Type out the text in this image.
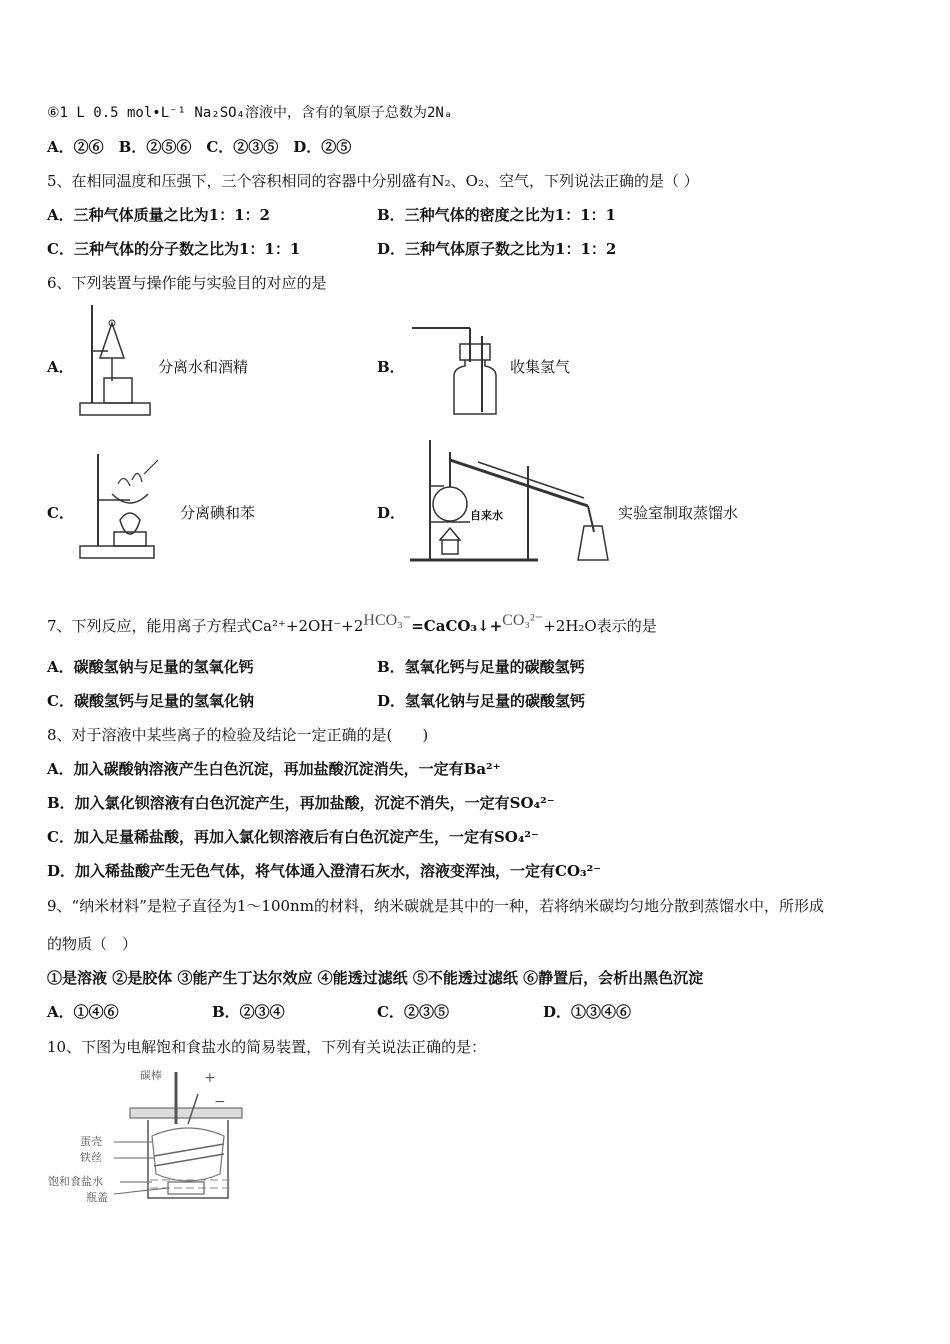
⑥1 L 0.5 mol•L⁻¹ Na₂SO₄溶液中，含有的氧原子总数为2Nₐ
A．②⑥　B．②⑤⑥　C．②③⑤　D．②⑤
5、在相同温度和压强下，三个容积相同的容器中分别盛有N₂、O₂、空气，下列说法正确的是（ ）
A．三种气体质量之比为1：1：2	B．三种气体的密度之比为1：1：1
C．三种气体的分子数之比为1：1：1	D．三种气体原子数之比为1：1：2
6、下列装置与操作能与实验目的对应的是
A．	分离水和酒精	B．	收集氢气
C．	分离碘和苯	D．	自来水	实验室制取蒸馏水
7、下列反应，能用离子方程式Ca²⁺+2OH⁻+2HCO₃⁻=CaCO₃↓+CO₃²⁻+2H₂O表示的是
A．碳酸氢钠与足量的氢氧化钙	B．氢氧化钙与足量的碳酸氢钙
C．碳酸氢钙与足量的氢氧化钠	D．氢氧化钠与足量的碳酸氢钙
8、对于溶液中某些离子的检验及结论一定正确的是(　　)
A．加入碳酸钠溶液产生白色沉淀，再加盐酸沉淀消失，一定有Ba²⁺
B．加入氯化钡溶液有白色沉淀产生，再加盐酸，沉淀不消失，一定有SO₄²⁻
C．加入足量稀盐酸，再加入氯化钡溶液后有白色沉淀产生，一定有SO₄²⁻
D．加入稀盐酸产生无色气体，将气体通入澄清石灰水，溶液变浑浊，一定有CO₃²⁻
9、“纳米材料”是粒子直径为1～100nm的材料，纳米碳就是其中的一种，若将纳米碳均匀地分散到蒸馏水中，所形成
的物质（　）
①是溶液 ②是胶体 ③能产生丁达尔效应 ④能透过滤纸 ⑤不能透过滤纸 ⑥静置后，会析出黑色沉淀
A．①④⑥	B．②③④	C．②③⑤	D．①③④⑥
10、下图为电解饱和食盐水的简易装置，下列有关说法正确的是：
碳棒	+
−
蛋壳
铁丝
饱和食盐水
瓶盖
